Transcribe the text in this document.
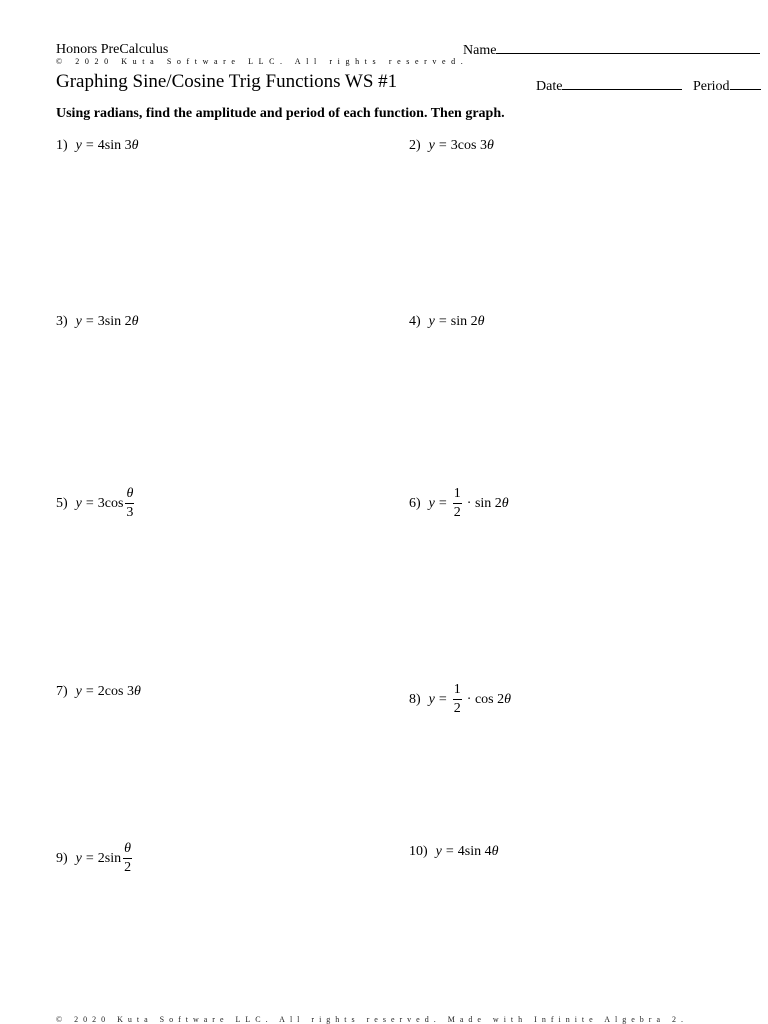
Honors PreCalculus
© 2020 Kuta Software LLC. All rights reserved.
Graphing Sine/Cosine Trig Functions WS #1
Name
Date	Period
Using radians, find the amplitude and period of each function. Then graph.
1) y = 4sin 3 θ	2) y = 3cos 3 θ
3) y = 3sin 2 θ	4) y = sin 2 θ
5) $y = 3\cos \frac{\theta}{3}$	6) $y = \frac{1}{2} \cdot \sin 2$ θ
7) y = 2cos 3 θ	8) $y = \frac{1}{2} \cdot \cos 2$ θ
9) $y = 2\sin \frac{\theta}{2}$	10) y = 4sin 4 θ
© 2020 Kuta Software LLC. All rights reserved. Made with Infinite Algebra 2.
